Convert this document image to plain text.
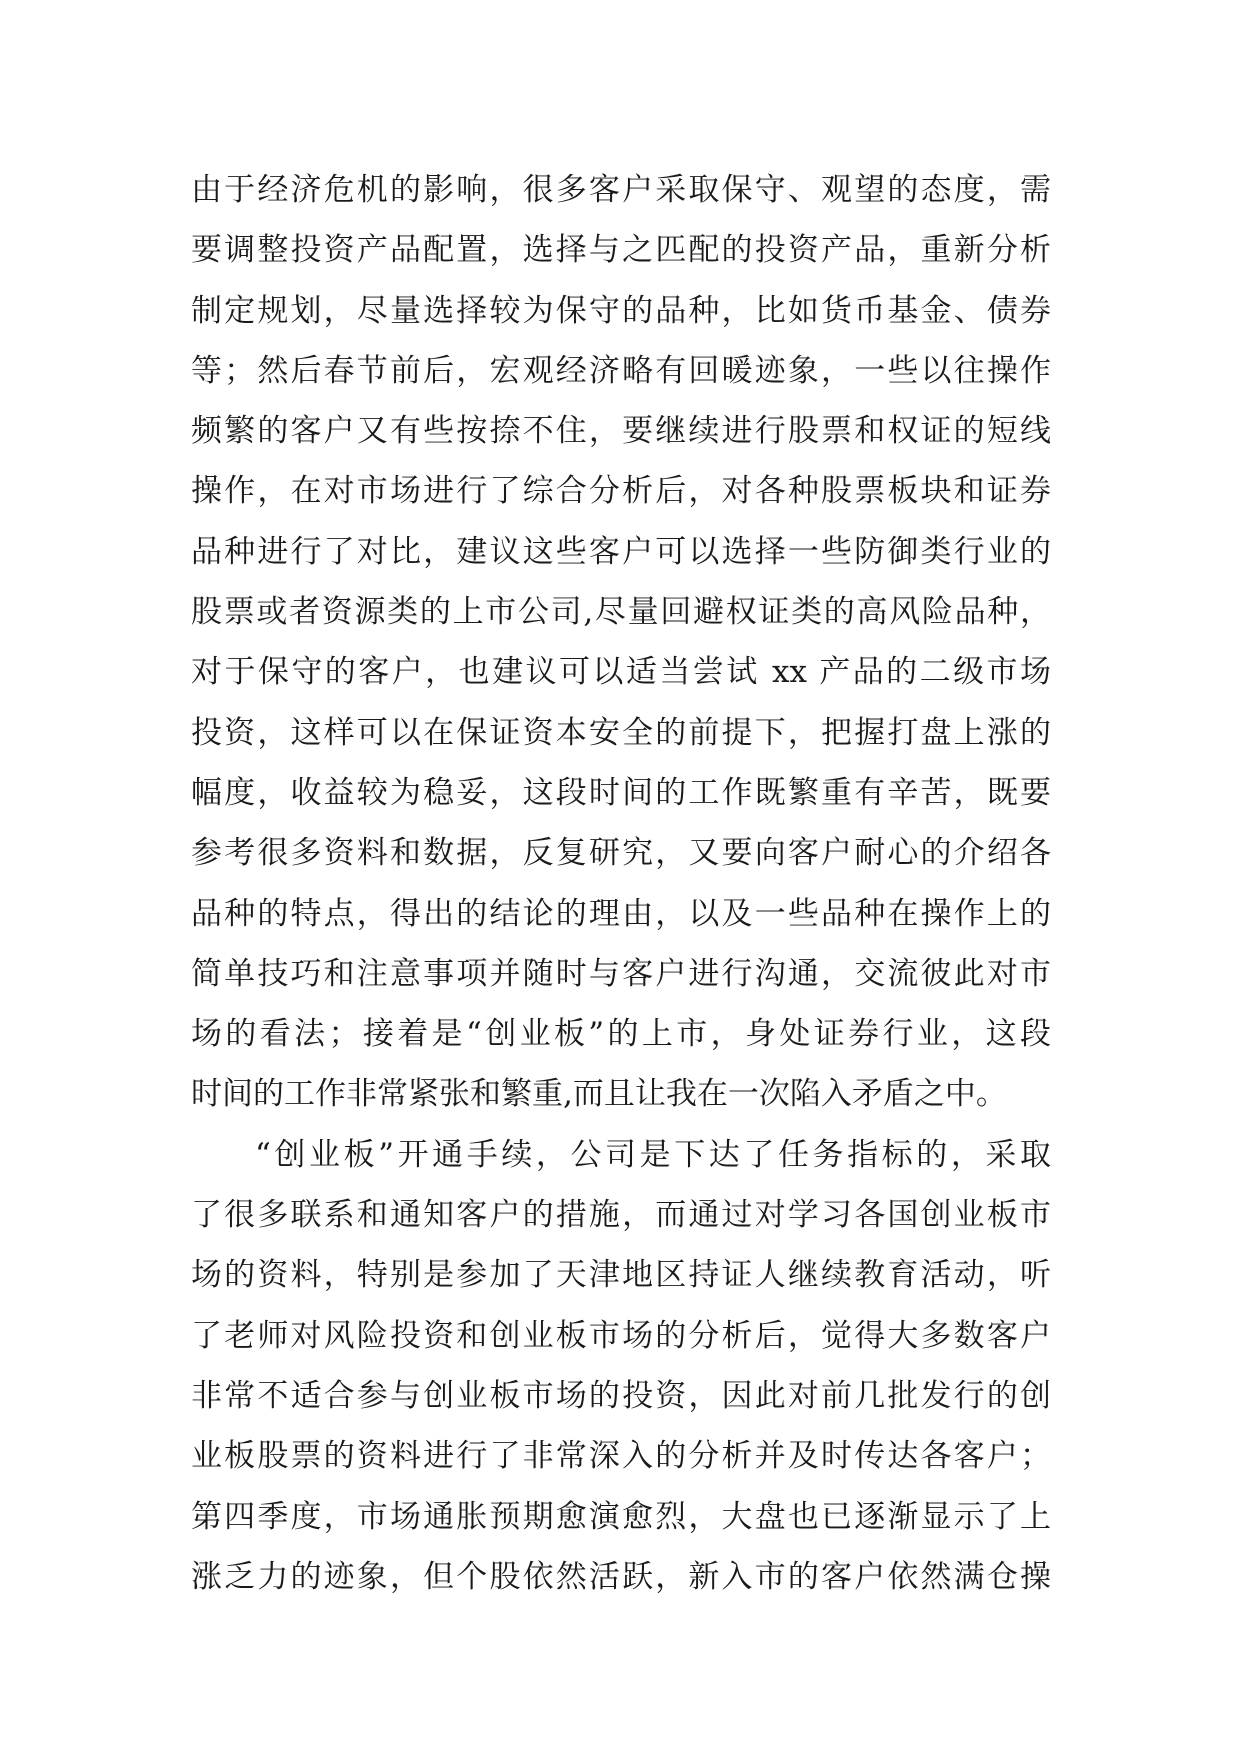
由于经济危机的影响，很多客户采取保守、观望的态度，需
要调整投资产品配置，选择与之匹配的投资产品，重新分析
制定规划，尽量选择较为保守的品种，比如货币基金、债券
等；然后春节前后，宏观经济略有回暖迹象，一些以往操作
频繁的客户又有些按捺不住，要继续进行股票和权证的短线
操作，在对市场进行了综合分析后，对各种股票板块和证券
品种进行了对比，建议这些客户可以选择一些防御类行业的
股票或者资源类的上市公司,尽量回避权证类的高风险品种，
对于保守的客户，也建议可以适当尝试 xx 产品的二级市场
投资，这样可以在保证资本安全的前提下，把握打盘上涨的
幅度，收益较为稳妥，这段时间的工作既繁重有辛苦，既要
参考很多资料和数据，反复研究，又要向客户耐心的介绍各
品种的特点，得出的结论的理由，以及一些品种在操作上的
简单技巧和注意事项并随时与客户进行沟通，交流彼此对市
场的看法；接着是“创业板”的上市，身处证券行业，这段
时间的工作非常紧张和繁重,而且让我在一次陷入矛盾之中。
“创业板”开通手续，公司是下达了任务指标的，采取
了很多联系和通知客户的措施，而通过对学习各国创业板市
场的资料，特别是参加了天津地区持证人继续教育活动，听
了老师对风险投资和创业板市场的分析后，觉得大多数客户
非常不适合参与创业板市场的投资，因此对前几批发行的创
业板股票的资料进行了非常深入的分析并及时传达各客户；
第四季度，市场通胀预期愈演愈烈，大盘也已逐渐显示了上
涨乏力的迹象，但个股依然活跃，新入市的客户依然满仓操
